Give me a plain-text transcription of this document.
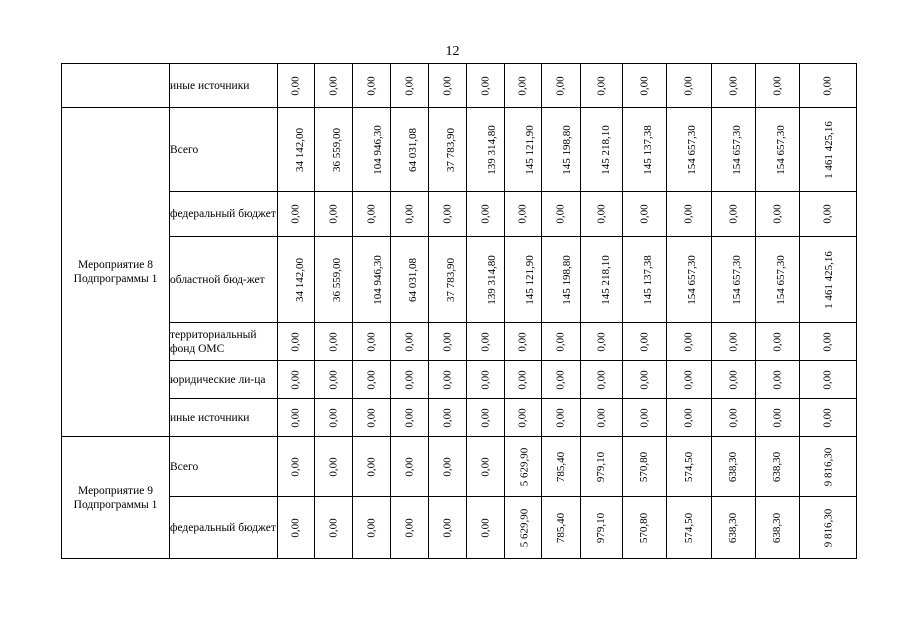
12
	иные источники	0,00	0,00	0,00	0,00	0,00	0,00	0,00	0,00	0,00	0,00	0,00	0,00	0,00	0,00
Мероприятие 8 Подпрограммы 1	Всего	34 142,00	36 559,00	104 946,30	64 031,08	37 783,90	139 314,80	145 121,90	145 198,80	145 218,10	145 137,38	154 657,30	154 657,30	154 657,30	1 461 425,16
	федеральный бюджет	0,00	0,00	0,00	0,00	0,00	0,00	0,00	0,00	0,00	0,00	0,00	0,00	0,00	0,00
	областной бюд-жет	34 142,00	36 559,00	104 946,30	64 031,08	37 783,90	139 314,80	145 121,90	145 198,80	145 218,10	145 137,38	154 657,30	154 657,30	154 657,30	1 461 425,16
	территориальный фонд ОМС	0,00	0,00	0,00	0,00	0,00	0,00	0,00	0,00	0,00	0,00	0,00	0,00	0,00	0,00
	юридические ли-ца	0,00	0,00	0,00	0,00	0,00	0,00	0,00	0,00	0,00	0,00	0,00	0,00	0,00	0,00
	иные источники	0,00	0,00	0,00	0,00	0,00	0,00	0,00	0,00	0,00	0,00	0,00	0,00	0,00	0,00
Мероприятие 9 Подпрограммы 1	Всего	0,00	0,00	0,00	0,00	0,00	0,00	5 629,90	785,40	979,10	570,80	574,50	638,30	638,30	9 816,30
	федеральный бюджет	0,00	0,00	0,00	0,00	0,00	0,00	5 629,90	785,40	979,10	570,80	574,50	638,30	638,30	9 816,30
